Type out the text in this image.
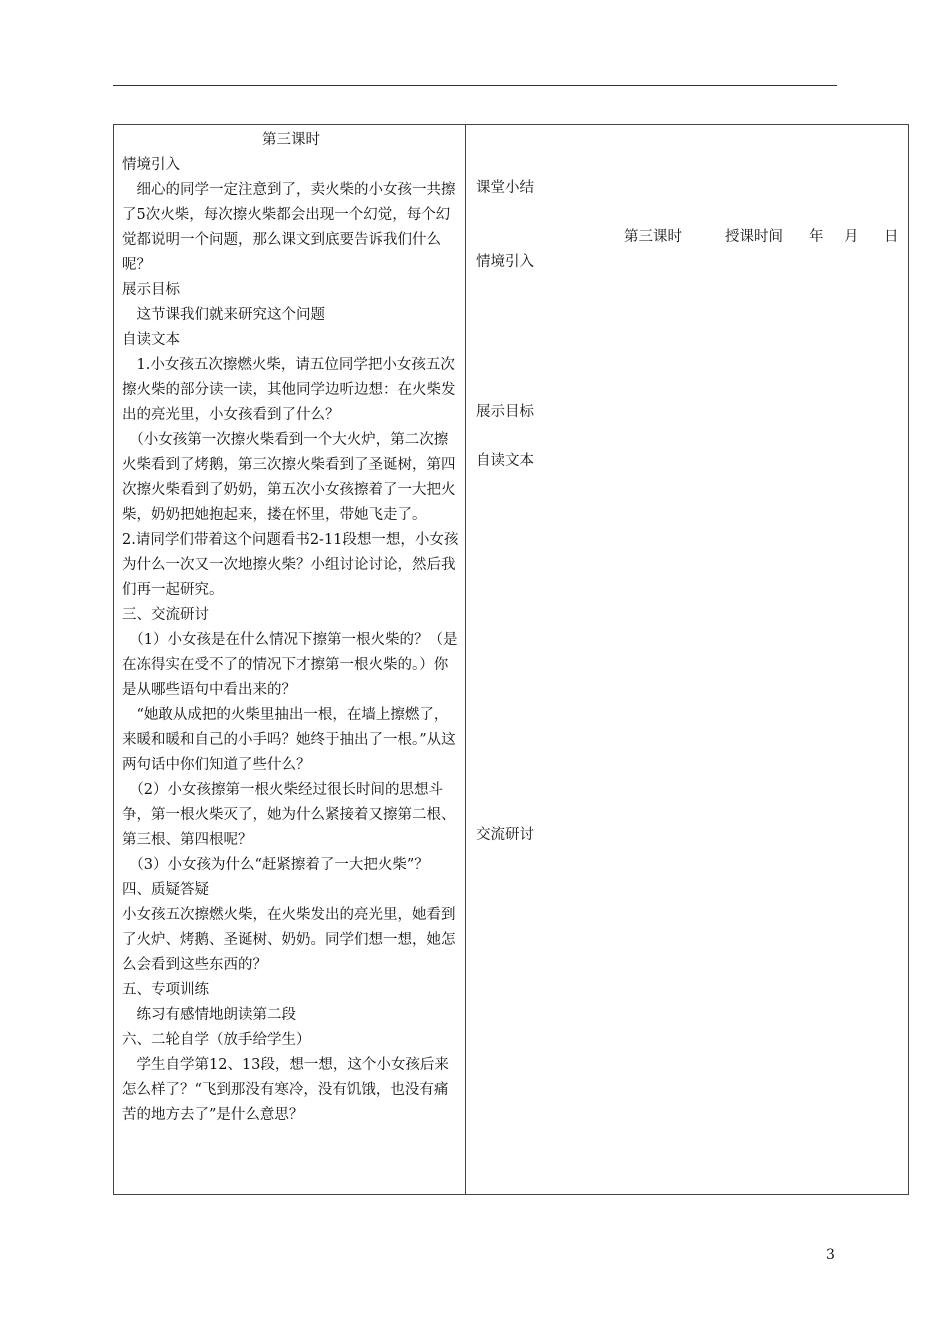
第三课时

情境引入

　细心的同学一定注意到了，卖火柴的小女孩一共擦了5次火柴，每次擦火柴都会出现一个幻觉，每个幻觉都说明一个问题，那么课文到底要告诉我们什么呢？

展示目标

　这节课我们就来研究这个问题

自读文本

　1.小女孩五次擦燃火柴，请五位同学把小女孩五次擦火柴的部分读一读，其他同学边听边想：在火柴发出的亮光里，小女孩看到了什么？

　（小女孩第一次擦火柴看到一个大火炉，第二次擦火柴看到了烤鹅，第三次擦火柴看到了圣诞树，第四次擦火柴看到了奶奶，第五次小女孩擦着了一大把火柴，奶奶把她抱起来，搂在怀里，带她飞走了。

2.请同学们带着这个问题看书2-11段想一想，小女孩为什么一次又一次地擦火柴？小组讨论讨论，然后我们再一起研究。

三、交流研讨

　（1）小女孩是在什么情况下擦第一根火柴的？（是在冻得实在受不了的情况下才擦第一根火柴的。）你是从哪些语句中看出来的？

　“她敢从成把的火柴里抽出一根，在墙上擦燃了，来暖和暖和自己的小手吗？她终于抽出了一根。”从这两句话中你们知道了些什么？

　（2）小女孩擦第一根火柴经过很长时间的思想斗争，第一根火柴灭了，她为什么紧接着又擦第二根、第三根、第四根呢？

　（3）小女孩为什么“赶紧擦着了一大把火柴”？

四、质疑答疑

小女孩五次擦燃火柴，在火柴发出的亮光里，她看到了火炉、烤鹅、圣诞树、奶奶。同学们想一想，她怎么会看到这些东西的？

五、专项训练

　练习有感情地朗读第二段

六、二轮自学（放手给学生）

　学生自学第12、13段，想一想，这个小女孩后来怎么样了？“飞到那没有寒冷，没有饥饿，也没有痛苦的地方去了”是什么意思？

课堂小结
情境引入
展示目标
自读文本
交流研讨
第三课时	授课时间 年 月 日
3
